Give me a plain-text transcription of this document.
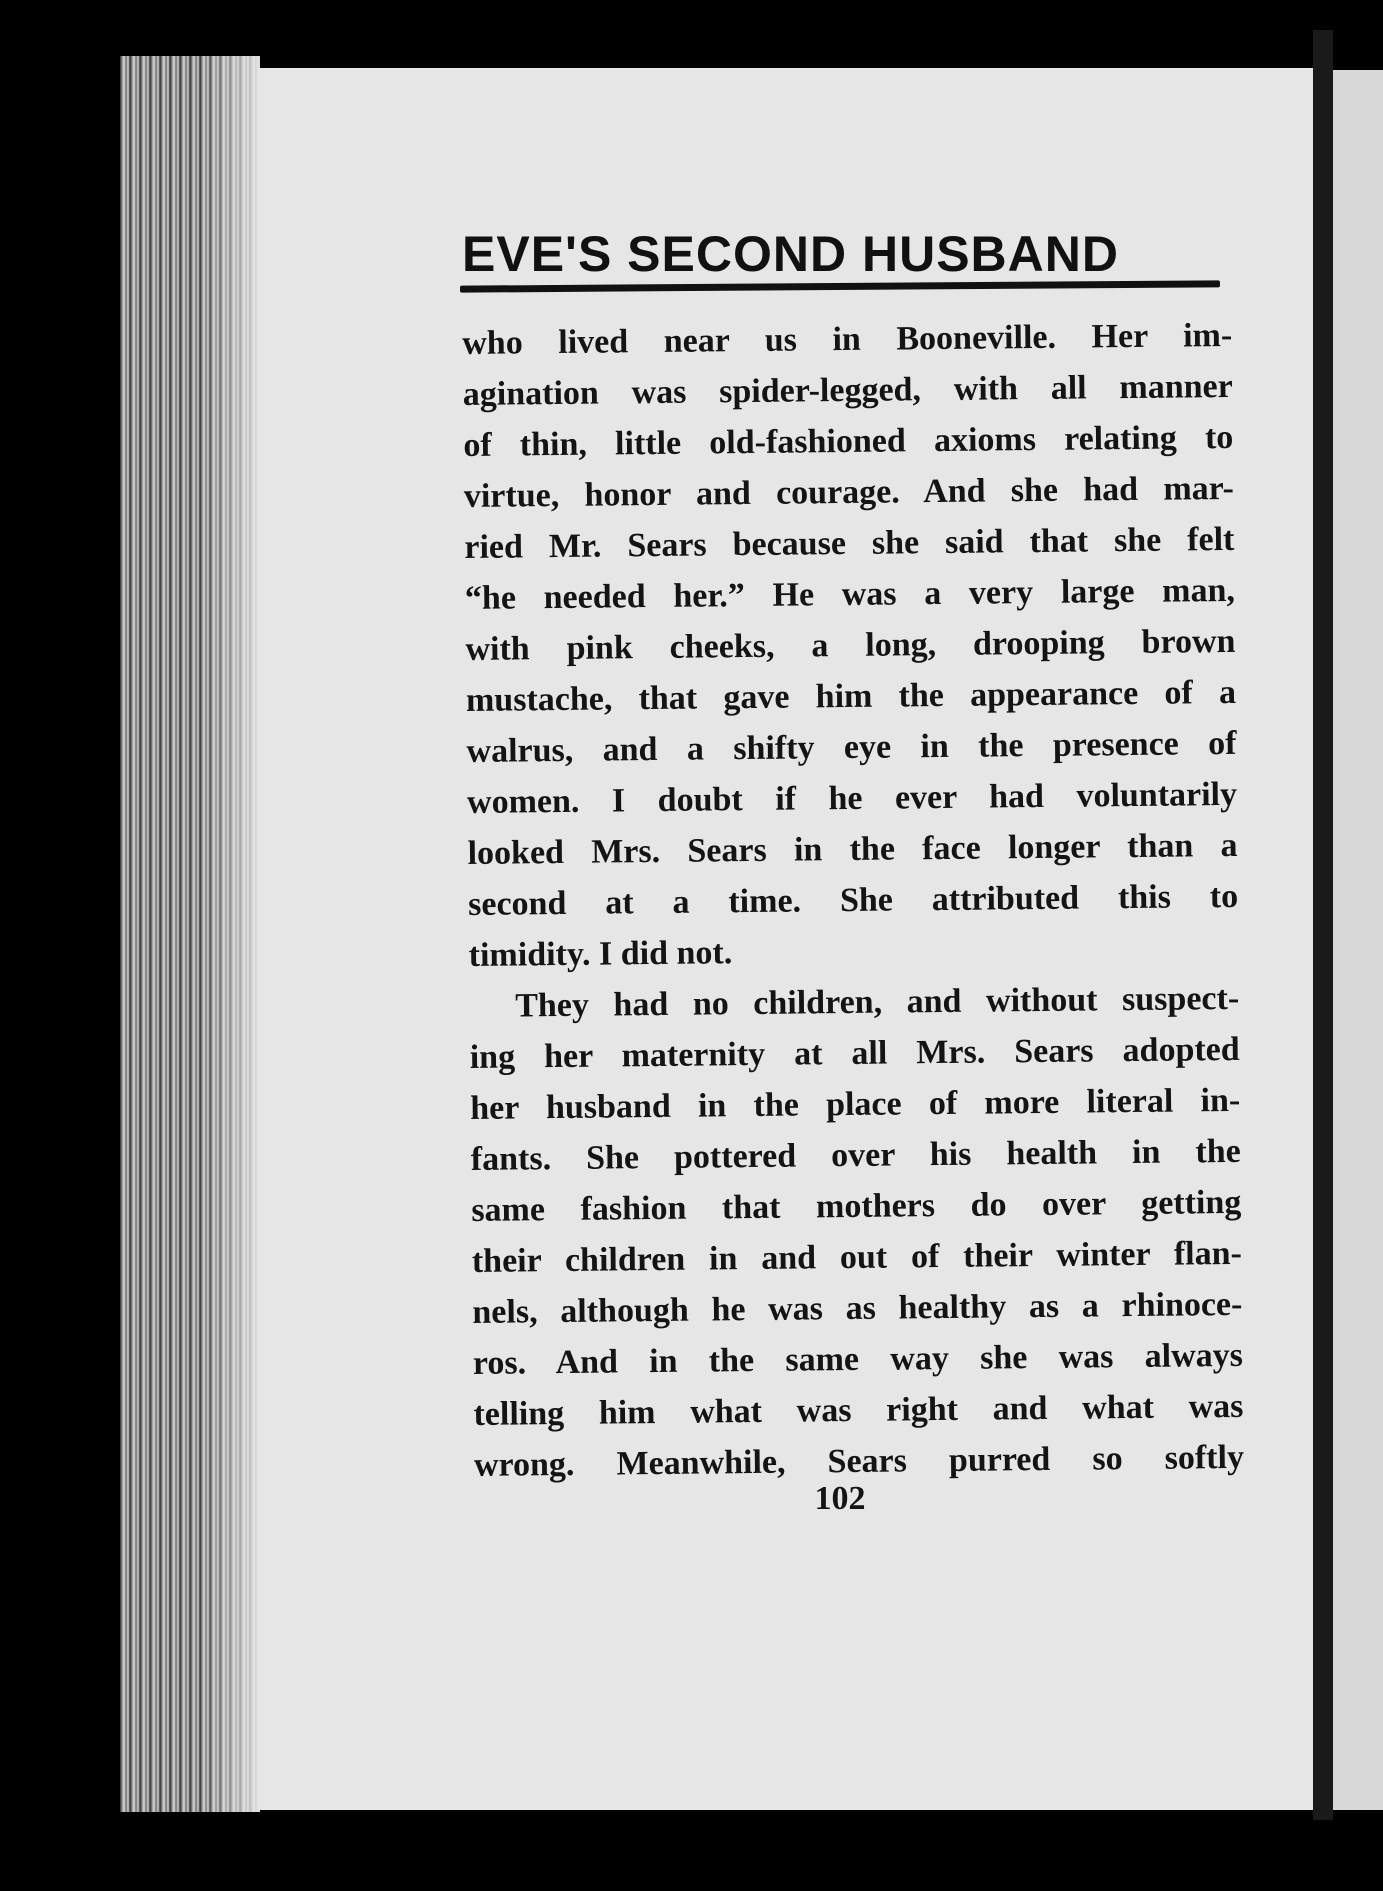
EVE'S SECOND HUSBAND
who lived near us in Booneville. Her im-
agination was spider-legged, with all manner
of thin, little old-fashioned axioms relating to
virtue, honor and courage. And she had mar-
ried Mr. Sears because she said that she felt
“he needed her.” He was a very large man,
with pink cheeks, a long, drooping brown
mustache, that gave him the appearance of a
walrus, and a shifty eye in the presence of
women. I doubt if he ever had voluntarily
looked Mrs. Sears in the face longer than a
second at a time. She attributed this to
timidity. I did not.
They had no children, and without suspect-
ing her maternity at all Mrs. Sears adopted
her husband in the place of more literal in-
fants. She pottered over his health in the
same fashion that mothers do over getting
their children in and out of their winter flan-
nels, although he was as healthy as a rhinoce-
ros. And in the same way she was always
telling him what was right and what was
wrong. Meanwhile, Sears purred so softly
102
